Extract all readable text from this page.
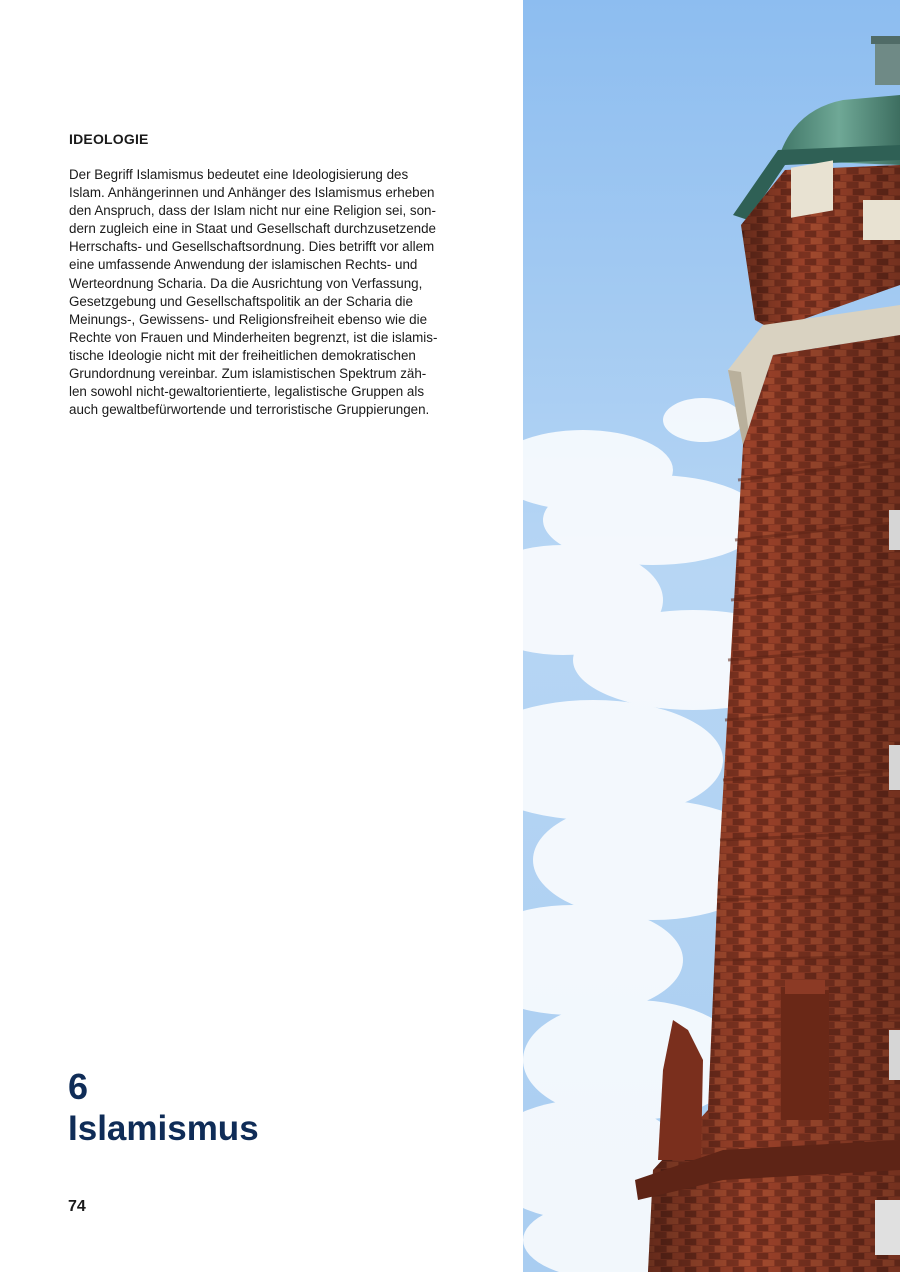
IDEOLOGIE

Der Begriff Islamismus bedeutet eine Ideologisierung des
Islam. Anhängerinnen und Anhänger des Islamismus erheben
den Anspruch, dass der Islam nicht nur eine Religion sei, son-
dern zugleich eine in Staat und Gesellschaft durchzusetzende
Herrschafts- und Gesellschaftsordnung. Dies betrifft vor allem
eine umfassende Anwendung der islamischen Rechts- und
Werteordnung Scharia. Da die Ausrichtung von Verfassung,
Gesetzgebung und Gesellschaftspolitik an der Scharia die
Meinungs-, Gewissens- und Religionsfreiheit ebenso wie die
Rechte von Frauen und Minderheiten begrenzt, ist die islamis-
tische Ideologie nicht mit der freiheitlichen demokratischen
Grundordnung vereinbar. Zum islamistischen Spektrum zäh-
len sowohl nicht-gewaltorientierte, legalistische Gruppen als
auch gewaltbefürwortende und terroristische Gruppierungen.

6
Islamismus
74
